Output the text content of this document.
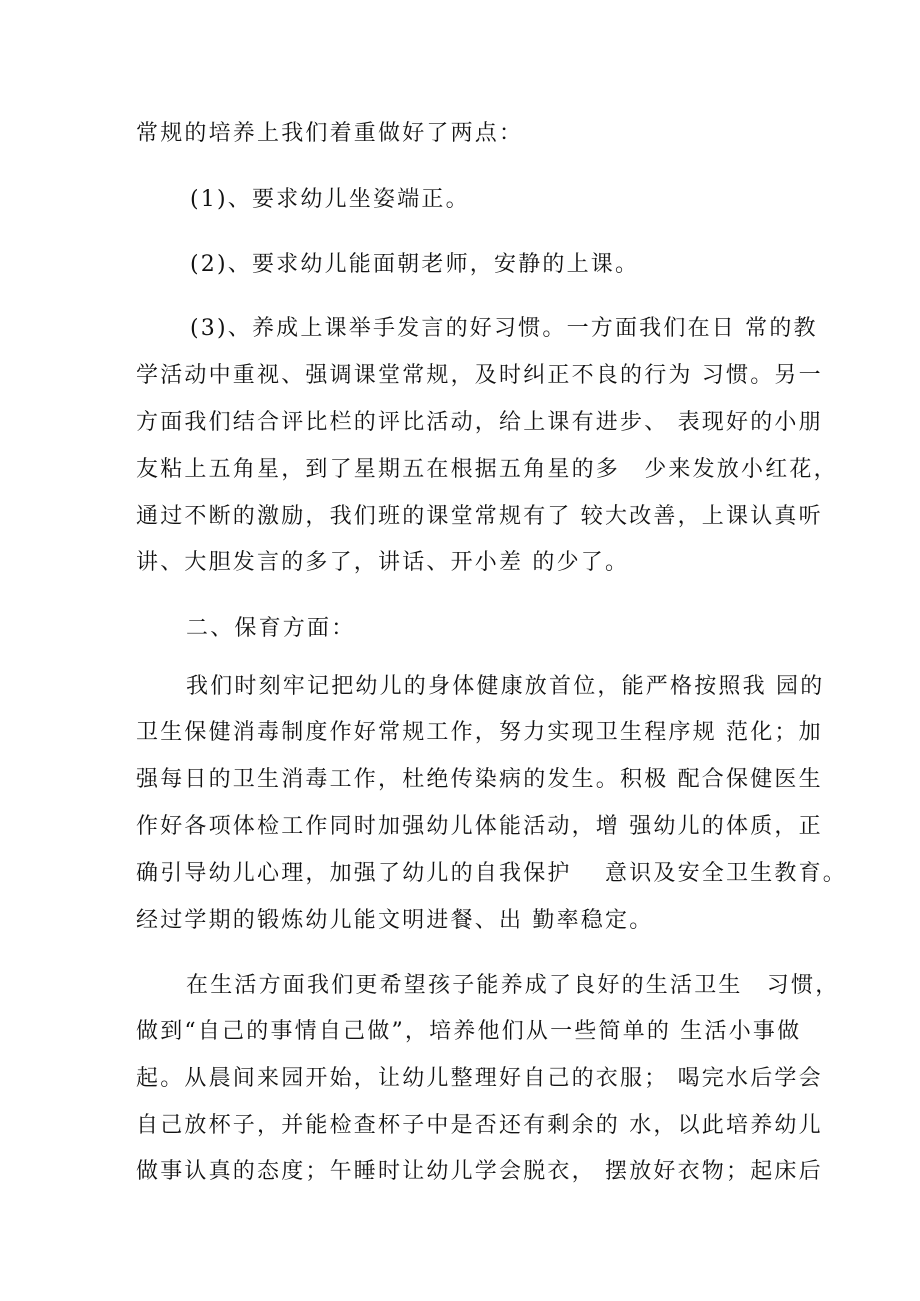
常规的培养上我们着重做好了两点：
(1)、要求幼儿坐姿端正。
(2)、要求幼儿能面朝老师，安静的上课。
(3)、养成上课举手发言的好习惯。一方面我们在日 常的教
学活动中重视、强调课堂常规，及时纠正不良的行为 习惯。另一
方面我们结合评比栏的评比活动，给上课有进步、 表现好的小朋
友粘上五角星，到了星期五在根据五角星的多　少来发放小红花，
通过不断的激励，我们班的课堂常规有了 较大改善，上课认真听
讲、大胆发言的多了，讲话、开小差 的少了。
二、保育方面：
我们时刻牢记把幼儿的身体健康放首位，能严格按照我 园的
卫生保健消毒制度作好常规工作，努力实现卫生程序规 范化；加
强每日的卫生消毒工作，杜绝传染病的发生。积极 配合保健医生
作好各项体检工作同时加强幼儿体能活动，增 强幼儿的体质，正
确引导幼儿心理，加强了幼儿的自我保护　 意识及安全卫生教育。
经过学期的锻炼幼儿能文明进餐、出 勤率稳定。
在生活方面我们更希望孩子能养成了良好的生活卫生　习惯，
做到“自己的事情自己做”，培养他们从一些简单的 生活小事做
起。从晨间来园开始，让幼儿整理好自己的衣服； 喝完水后学会
自己放杯子，并能检查杯子中是否还有剩余的 水，以此培养幼儿
做事认真的态度；午睡时让幼儿学会脱衣， 摆放好衣物；起床后
